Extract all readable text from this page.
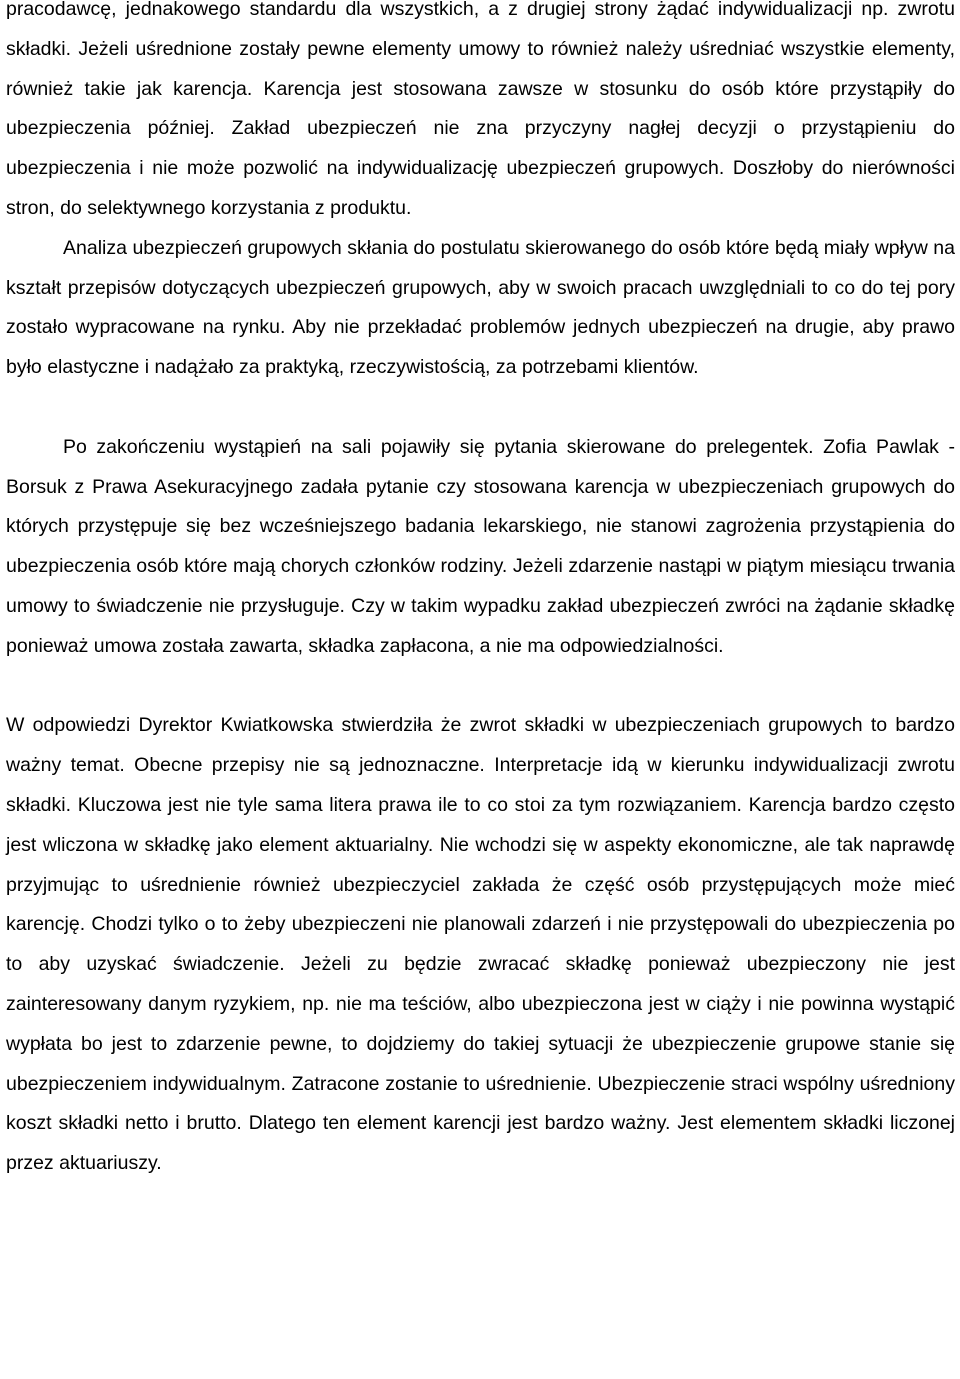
pracodawcę, jednakowego standardu dla wszystkich, a z drugiej strony żądać indywidualizacji np. zwrotu składki. Jeżeli uśrednione zostały pewne elementy umowy to również należy uśredniać wszystkie elementy, również takie jak karencja. Karencja jest stosowana zawsze w stosunku do osób które przystąpiły do ubezpieczenia później. Zakład ubezpieczeń nie zna przyczyny nagłej decyzji o przystąpieniu do ubezpieczenia i nie może pozwolić na indywidualizację ubezpieczeń grupowych. Doszłoby do nierówności stron, do selektywnego korzystania z produktu.

Analiza ubezpieczeń grupowych skłania do postulatu skierowanego do osób które będą miały wpływ na kształt przepisów dotyczących ubezpieczeń grupowych, aby w swoich pracach uwzględniali to co do tej pory zostało wypracowane na rynku. Aby nie przekładać problemów jednych ubezpieczeń na drugie, aby prawo było elastyczne i nadążało za praktyką, rzeczywistością, za potrzebami klientów.

Po zakończeniu wystąpień na sali pojawiły się pytania skierowane do prelegentek. Zofia Pawlak - Borsuk z Prawa Asekuracyjnego zadała pytanie czy stosowana karencja w ubezpieczeniach grupowych do których przystępuje się bez wcześniejszego badania lekarskiego, nie stanowi zagrożenia przystąpienia do ubezpieczenia osób które mają chorych członków rodziny. Jeżeli zdarzenie nastąpi w piątym miesiącu trwania umowy to świadczenie nie przysługuje. Czy w takim wypadku zakład ubezpieczeń zwróci na żądanie składkę ponieważ umowa została zawarta, składka zapłacona, a nie ma odpowiedzialności.

W odpowiedzi Dyrektor Kwiatkowska stwierdziła że zwrot składki w ubezpieczeniach grupowych to bardzo ważny temat. Obecne przepisy nie są jednoznaczne. Interpretacje idą w kierunku indywidualizacji zwrotu składki. Kluczowa jest nie tyle sama litera prawa ile to co stoi za tym rozwiązaniem. Karencja bardzo często jest wliczona w składkę jako element aktuarialny. Nie wchodzi się w aspekty ekonomiczne, ale tak naprawdę przyjmując to uśrednienie również ubezpieczyciel zakłada że część osób przystępujących może mieć karencję. Chodzi tylko o to żeby ubezpieczeni nie planowali zdarzeń i nie przystępowali do ubezpieczenia po to aby uzyskać świadczenie. Jeżeli zu będzie zwracać składkę ponieważ ubezpieczony nie jest zainteresowany danym ryzykiem, np. nie ma teściów, albo ubezpieczona jest w ciąży i nie powinna wystąpić wypłata bo jest to zdarzenie pewne, to dojdziemy do takiej sytuacji że ubezpieczenie grupowe stanie się ubezpieczeniem indywidualnym. Zatracone zostanie to uśrednienie. Ubezpieczenie straci wspólny uśredniony koszt składki netto i brutto. Dlatego ten element karencji jest bardzo ważny. Jest elementem składki liczonej przez aktuariuszy.
